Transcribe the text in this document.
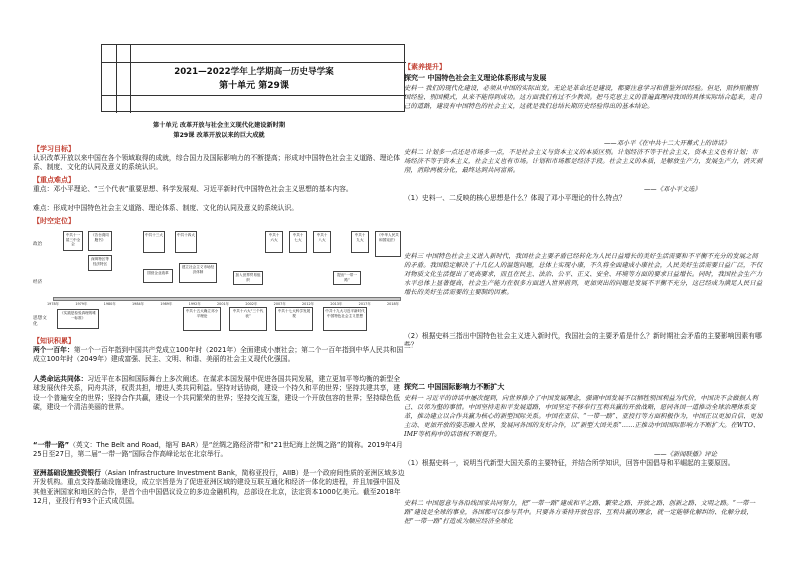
2021—2022学年上学期高一历史导学案
第十单元 第29课
第十单元 改革开放与社会主义现代化建设新时期
第29课 改革开放以来的巨大成就
【学习目标】
认识改革开放以来中国在各个领域取得的成就，综合国力及国际影响力的不断提高；形成对中国特色社会主义道路、理论体系、制度、文化的认同及意义的系统认识。
【重点难点】
重点：邓小平理论、“三个代表”重要思想、科学发展观、习近平新时代中国特色社会主义思想的基本内容。
难点：形成对中国特色社会主义道路、理论体系、制度、文化的认同及意义的系统认识。
【时空定位】
政治
经济
思想文化
1978年	1979年	1980年	1984年	1989年	1992年	2001年	2002年	2007年	2012年	2013年	2017年	2018年
中共十一届三中全会
《告台湾同胞书》
深圳特区等经济特区
中共十三大	中共十四大	中共十六大
中共十七大
中共十八大
中共十九大
《中华人民共和国宪法》
国营企业改革
建立社会主义市场经济体制
加入世界贸易组织
提出“一带一路”
《实践是检验真理的唯一标准》
中共十五大确立邓小平理论
中共十六大“三个代表”
中共十七大科学发展观
中共十九大习近平新时代中国特色社会主义思想
【知识积累】
两个一百年：第一个一百年指到中国共产党成立100年时（2021年）全面建成小康社会；第二个一百年指到中华人民共和国成立100年时（2049年）建成富强、民主、文明、和谐、美丽的社会主义现代化强国。
人类命运共同体：习近平在本国和国际舞台上多次阐述。在谋求本国发展中促进各国共同发展，建立更加平等均衡的新型全球发展伙伴关系，同舟共济，权责共担，增进人类共同利益。坚持对话协商，建设一个持久和平的世界；坚持共建共享，建设一个普遍安全的世界；坚持合作共赢，建设一个共同繁荣的世界；坚持交流互鉴，建设一个开放包容的世界；坚持绿色低碳，建设一个清洁美丽的世界。
“一带一路”（英文：The Belt and Road，缩写 BAR）是“丝绸之路经济带”和“21世纪海上丝绸之路”的简称。2019年4月25日至27日，第二届“一带一路”国际合作高峰论坛在北京举行。
亚洲基础设施投资银行（Asian Infrastructure Investment Bank，简称亚投行，AIIB）是一个政府间性质的亚洲区域多边开发机构。重点支持基础设施建设，成立宗旨是为了促进亚洲区域的建设互联互通化和经济一体化的进程，并且加强中国及其他亚洲国家和地区的合作，是首个由中国倡议设立的多边金融机构，总部设在北京，法定资本1000亿美元。截至2018年12月，亚投行有93个正式成员国。
【素养提升】
探究一 中国特色社会主义理论体系形成与发展
史料一 我们的现代化建设，必须从中国的实际出发。无论是革命还是建设，都要注意学习和借鉴外国经验。但是，照抄照搬别国经验、别国模式，从来不能得到成功。这方面我们有过不少教训。把马克思主义的普遍真理同我国的具体实际结合起来，走自己的道路，建设有中国特色的社会主义，这就是我们总结长期历史经验得出的基本结论。
——邓小平《在中共十二大开幕式上的讲话》
史料二 计划多一点还是市场多一点，不是社会主义与资本主义的本质区别。计划经济不等于社会主义，资本主义也有计划；市场经济不等于资本主义，社会主义也有市场。计划和市场都是经济手段。社会主义的本质，是解放生产力，发展生产力，消灭剥削，消除两极分化，最终达到共同富裕。
——《邓小平文选》
（1）史料一、二反映的核心思想是什么？体现了邓小平理论的什么特点？
史料三 中国特色社会主义进入新时代，我国社会主要矛盾已经转化为人民日益增长的美好生活需要和不平衡不充分的发展之间的矛盾。我国稳定解决了十几亿人的温饱问题，总体上实现小康，不久将全面建成小康社会，人民美好生活需要日益广泛，不仅对物质文化生活提出了更高要求，而且在民主、法治、公平、正义、安全、环境等方面的要求日益增长。同时，我国社会生产力水平总体上显著提高，社会生产能力在很多方面进入世界前列，更加突出的问题是发展不平衡不充分，这已经成为满足人民日益增长的美好生活需要的主要制约因素。
（2）根据史料三指出中国特色社会主义进入新时代，我国社会的主要矛盾是什么？新时期社会矛盾的主要影响因素有哪些？
探究二 中国国际影响力不断扩大
史料一 习近平的讲话中屡次提到，向世界推介了中国发展理念，强调中国发展不以牺牲别国利益为代价，中国决不会做损人利己、以邻为壑的事情。中国坚持走和平发展道路，中国坚定不移奉行互利共赢的开放战略，愿同各国一道推动全球治理体系变革，推动建立以合作共赢为核心的新型国际关系。中国在亚信、“一带一路”、亚投行等方面积极作为，中国正以更加自信、更加主动、更加开放的姿态融入世界，发展同各国的友好合作，以“新型大国关系”……正推动中国国际影响力不断扩大。在WTO、IMF等机构中的话语权不断提升。
——《新闻联播》评论
（1）根据史料一，说明当代新型大国关系的主要特征，并结合所学知识，回答中国倡导和平崛起的主要原因。
史料二 中国愿意与各沿线国家共同努力，把“一带一路”建成和平之路、繁荣之路、开放之路、创新之路、文明之路。“一带一路”建设是全球的事业，各国都可以参与其中。只要各方秉持开放包容、互利共赢的理念，就一定能够化解纠纷、化解分歧，把“一带一路”打造成为顺应经济全球化
